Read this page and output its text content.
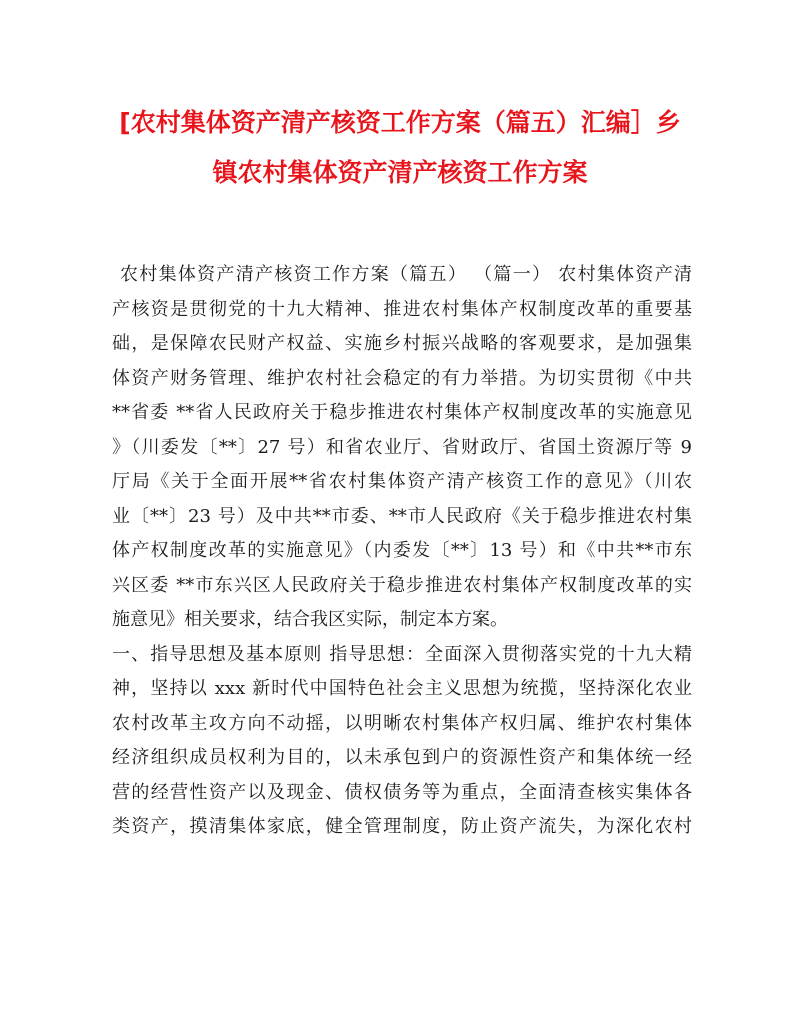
[农村集体资产清产核资工作方案（篇五）汇编］乡
镇农村集体资产清产核资工作方案
农村集体资产清产核资工作方案（篇五） （篇一） 农村集体资产清
产核资是贯彻党的十九大精神、推进农村集体产权制度改革的重要基
础，是保障农民财产权益、实施乡村振兴战略的客观要求，是加强集
体资产财务管理、维护农村社会稳定的有力举措。为切实贯彻《中共
**省委 **省人民政府关于稳步推进农村集体产权制度改革的实施意见
》（川委发〔**〕27 号）和省农业厅、省财政厅、省国土资源厅等 9
厅局《关于全面开展**省农村集体资产清产核资工作的意见》（川农
业〔**〕23 号）及中共**市委、**市人民政府《关于稳步推进农村集
体产权制度改革的实施意见》（内委发〔**〕13 号）和《中共**市东
兴区委 **市东兴区人民政府关于稳步推进农村集体产权制度改革的实
施意见》相关要求，结合我区实际，制定本方案。
一、指导思想及基本原则 指导思想：全面深入贯彻落实党的十九大精
神，坚持以 xxx 新时代中国特色社会主义思想为统揽，坚持深化农业
农村改革主攻方向不动摇，以明晰农村集体产权归属、维护农村集体
经济组织成员权利为目的，以未承包到户的资源性资产和集体统一经
营的经营性资产以及现金、债权债务等为重点，全面清查核实集体各
类资产，摸清集体家底，健全管理制度，防止资产流失，为深化农村
